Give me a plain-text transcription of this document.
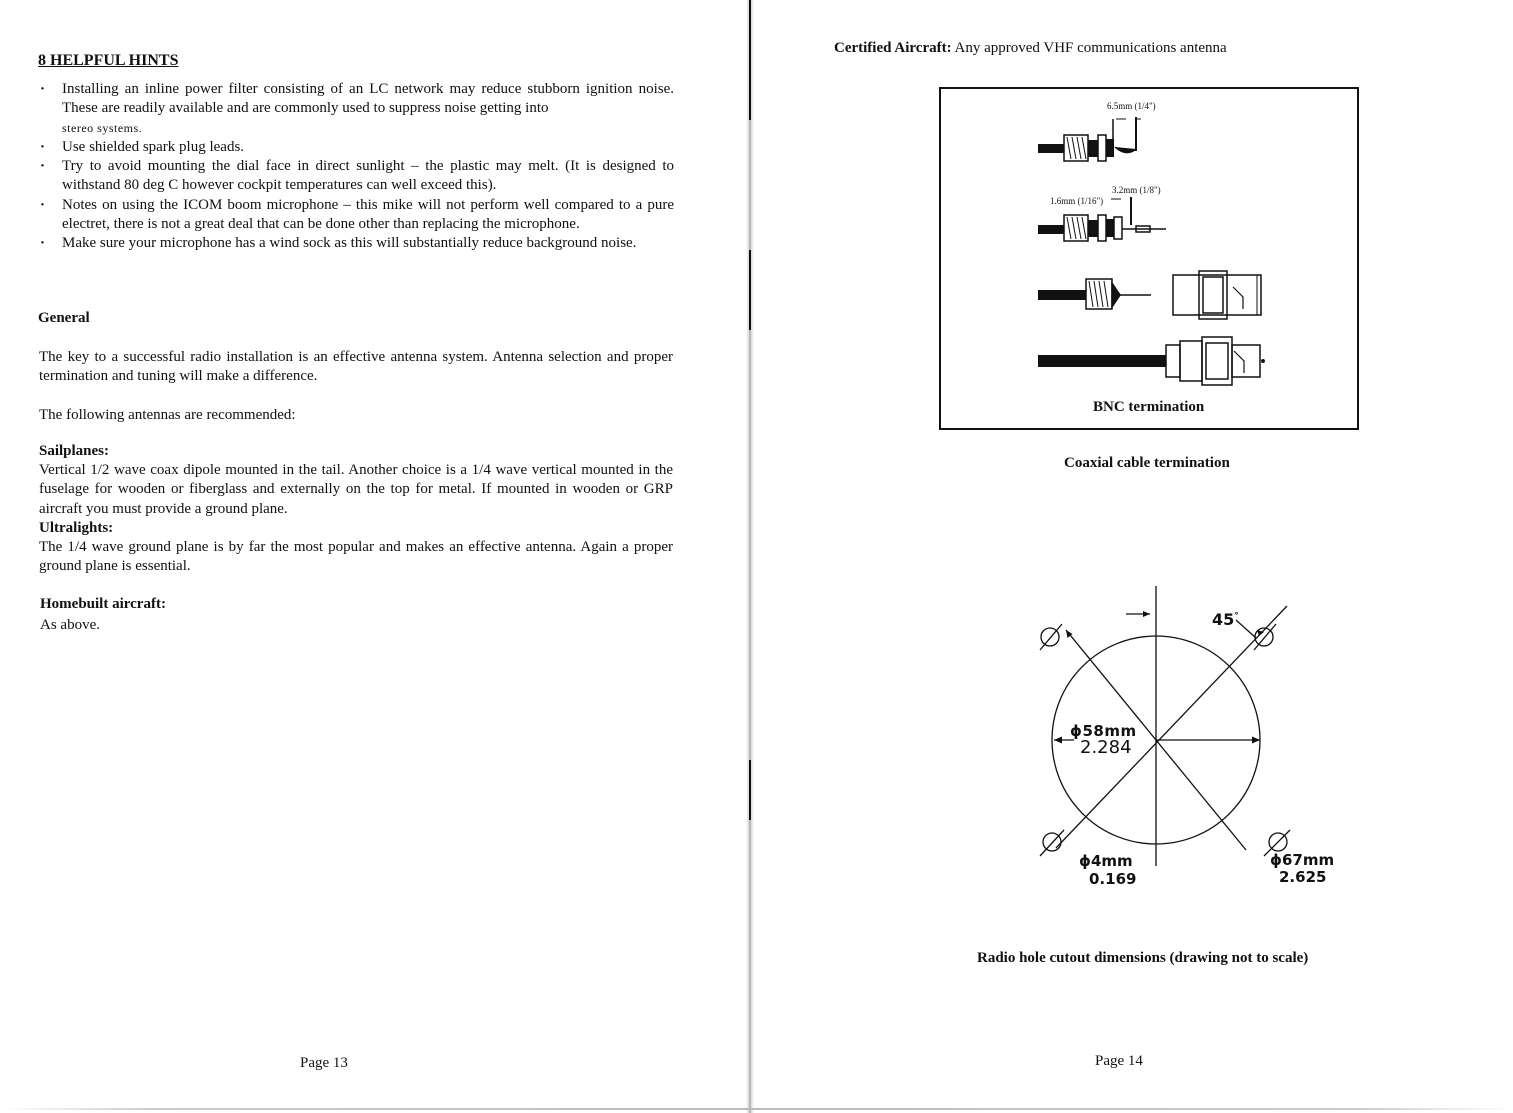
8 HELPFUL HINTS
· Installing an inline power filter consisting of an LC network may reduce stubborn ignition noise. These are readily available and are commonly used to suppress noise getting into
stereo systems.
· Use shielded spark plug leads.
· Try to avoid mounting the dial face in direct sunlight – the plastic may melt. (It is designed to withstand 80 deg C however cockpit temperatures can well exceed this).
· Notes on using the ICOM boom microphone – this mike will not perform well compared to a pure electret, there is not a great deal that can be done other than replacing the microphone.
· Make sure your microphone has a wind sock as this will substantially reduce background noise.
General
The key to a successful radio installation is an effective antenna system. Antenna selection and proper termination and tuning will make a difference.
The following antennas are recommended:
Sailplanes:
Vertical 1/2 wave coax dipole mounted in the tail. Another choice is a 1/4 wave vertical mounted in the fuselage for wooden or fiberglass and externally on the top for metal. If mounted in wooden or GRP aircraft you must provide a ground plane.
Ultralights:
The 1/4 wave ground plane is by far the most popular and makes an effective antenna. Again a proper ground plane is essential.
Homebuilt aircraft:
As above.
Page 13
Certified Aircraft: Any approved VHF communications antenna
6.5mm (1/4")
3.2mm (1/8")
1.6mm (1/16")
BNC termination
Coaxial cable termination
45°
ϕ58mm
2.284
ϕ4mm
0.169
ϕ67mm
2.625
Radio hole cutout dimensions (drawing not to scale)
Page 14
